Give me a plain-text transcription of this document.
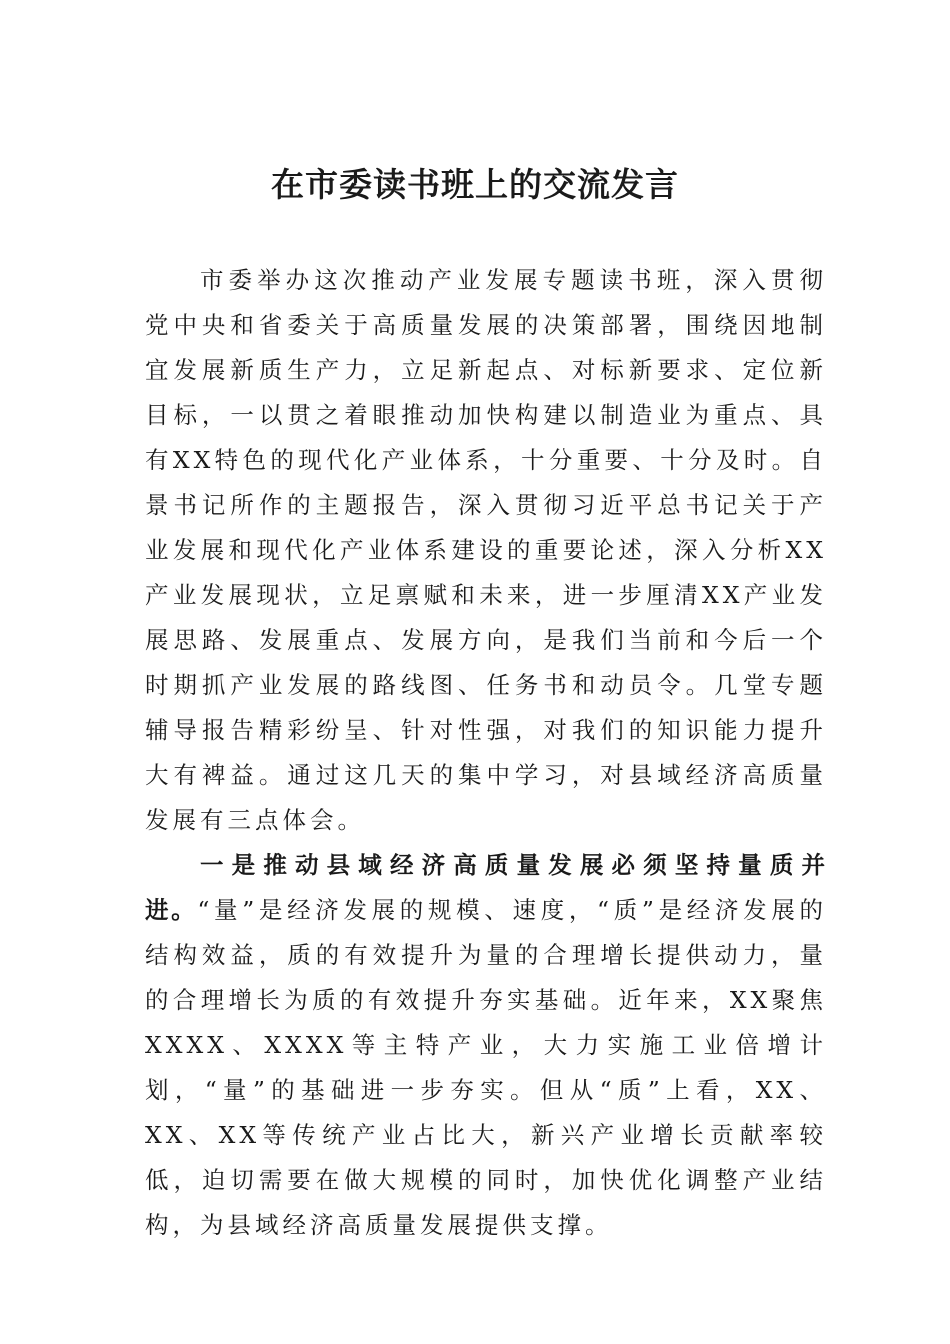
在市委读书班上的交流发言

市委举办这次推动产业发展专题读书班，深入贯彻党中央和省委关于高质量发展的决策部署，围绕因地制宜发展新质生产力，立足新起点、对标新要求、定位新目标，一以贯之着眼推动加快构建以制造业为重点、具有XX特色的现代化产业体系，十分重要、十分及时。自景书记所作的主题报告，深入贯彻习近平总书记关于产业发展和现代化产业体系建设的重要论述，深入分析XX产业发展现状，立足禀赋和未来，进一步厘清XX产业发展思路、发展重点、发展方向，是我们当前和今后一个时期抓产业发展的路线图、任务书和动员令。几堂专题辅导报告精彩纷呈、针对性强，对我们的知识能力提升大有裨益。通过这几天的集中学习，对县域经济高质量发展有三点体会。

一是推动县域经济高质量发展必须坚持量质并进。“量”是经济发展的规模、速度，“质”是经济发展的结构效益，质的有效提升为量的合理增长提供动力，量的合理增长为质的有效提升夯实基础。近年来，XX聚焦XXXX、XXXX等主特产业，大力实施工业倍增计划，“量”的基础进一步夯实。但从“质”上看，XX、XX、XX等传统产业占比大，新兴产业增长贡献率较低，迫切需要在做大规模的同时，加快优化调整产业结构，为县域经济高质量发展提供支撑。
